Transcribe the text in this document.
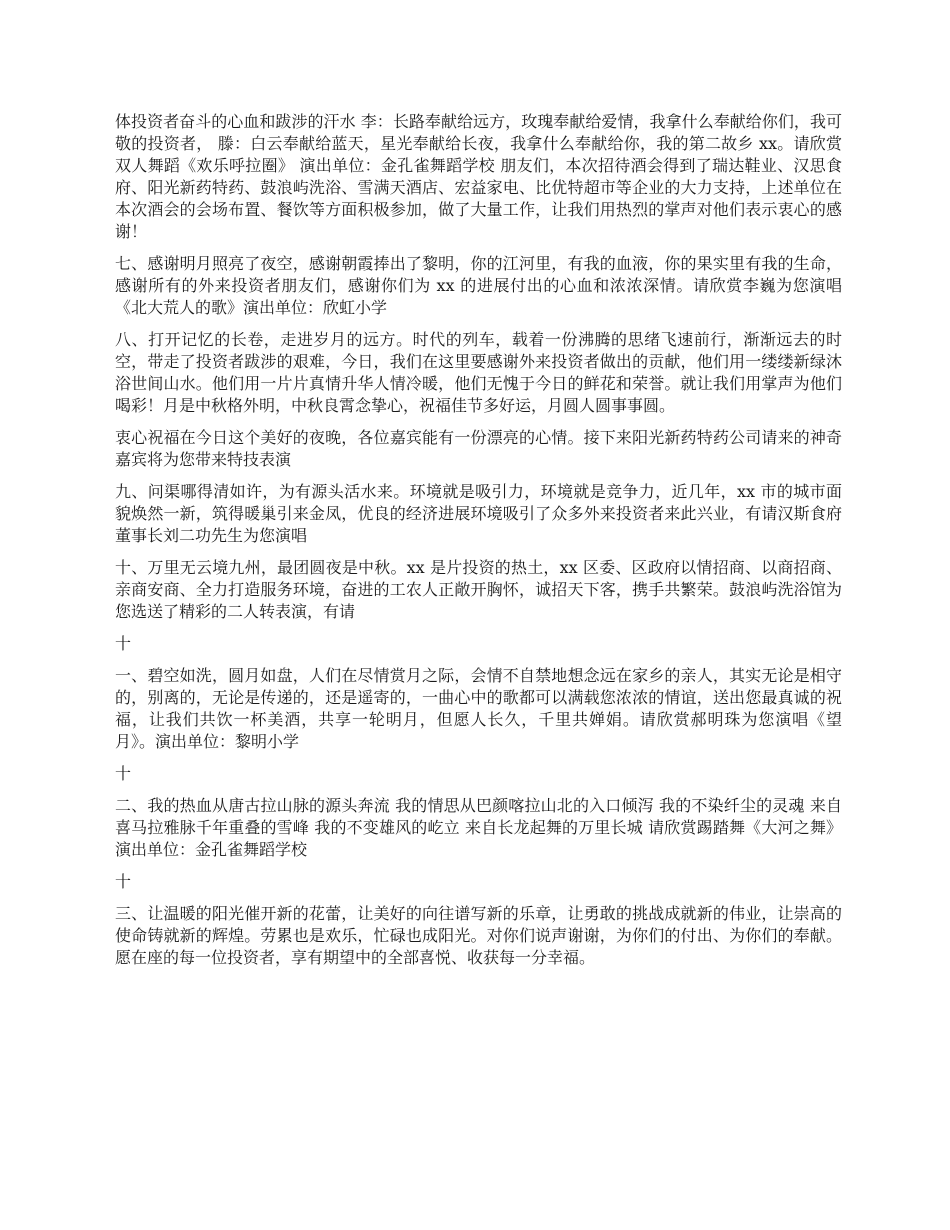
体投资者奋斗的心血和跋涉的汗水 李：长路奉献给远方，玫瑰奉献给爱情，我拿什么奉献给你们，我可敬的投资者， 滕：白云奉献给蓝天，星光奉献给长夜，我拿什么奉献给你，我的第二故乡 xx。请欣赏双人舞蹈《欢乐呼拉圈》 演出单位：金孔雀舞蹈学校 朋友们，本次招待酒会得到了瑞达鞋业、汉思食府、阳光新药特药、鼓浪屿洗浴、雪满天酒店、宏益家电、比优特超市等企业的大力支持，上述单位在本次酒会的会场布置、餐饮等方面积极参加，做了大量工作，让我们用热烈的掌声对他们表示衷心的感谢！

七、感谢明月照亮了夜空，感谢朝霞捧出了黎明，你的江河里，有我的血液，你的果实里有我的生命，感谢所有的外来投资者朋友们，感谢你们为 xx 的进展付出的心血和浓浓深情。请欣赏李巍为您演唱《北大荒人的歌》演出单位：欣虹小学

八、打开记忆的长卷，走进岁月的远方。时代的列车，载着一份沸腾的思绪飞速前行，渐渐远去的时空，带走了投资者跋涉的艰难，今日，我们在这里要感谢外来投资者做出的贡献，他们用一缕缕新绿沐浴世间山水。他们用一片片真情升华人情冷暖，他们无愧于今日的鲜花和荣誉。就让我们用掌声为他们喝彩！月是中秋格外明，中秋良霄念挚心，祝福佳节多好运，月圆人圆事事圆。

衷心祝福在今日这个美好的夜晚，各位嘉宾能有一份漂亮的心情。接下来阳光新药特药公司请来的神奇嘉宾将为您带来特技表演

九、问渠哪得清如许，为有源头活水来。环境就是吸引力，环境就是竞争力，近几年，xx 市的城市面貌焕然一新，筑得暖巢引来金凤，优良的经济进展环境吸引了众多外来投资者来此兴业，有请汉斯食府董事长刘二功先生为您演唱

十、万里无云境九州，最团圆夜是中秋。xx 是片投资的热土，xx 区委、区政府以情招商、以商招商、亲商安商、全力打造服务环境，奋进的工农人正敞开胸怀，诚招天下客，携手共繁荣。鼓浪屿洗浴馆为您选送了精彩的二人转表演，有请

十

一、碧空如洗，圆月如盘，人们在尽情赏月之际，会情不自禁地想念远在家乡的亲人，其实无论是相守的，别离的，无论是传递的，还是遥寄的，一曲心中的歌都可以满载您浓浓的情谊，送出您最真诚的祝福，让我们共饮一杯美酒，共享一轮明月，但愿人长久，千里共婵娟。请欣赏郝明珠为您演唱《望月》。演出单位：黎明小学

十

二、我的热血从唐古拉山脉的源头奔流 我的情思从巴颜喀拉山北的入口倾泻 我的不染纤尘的灵魂 来自喜马拉雅脉千年重叠的雪峰 我的不变雄风的屹立 来自长龙起舞的万里长城 请欣赏踢踏舞《大河之舞》 演出单位：金孔雀舞蹈学校

十

三、让温暖的阳光催开新的花蕾，让美好的向往谱写新的乐章，让勇敢的挑战成就新的伟业，让崇高的使命铸就新的辉煌。劳累也是欢乐，忙碌也成阳光。对你们说声谢谢，为你们的付出、为你们的奉献。愿在座的每一位投资者，享有期望中的全部喜悦、收获每一分幸福。
